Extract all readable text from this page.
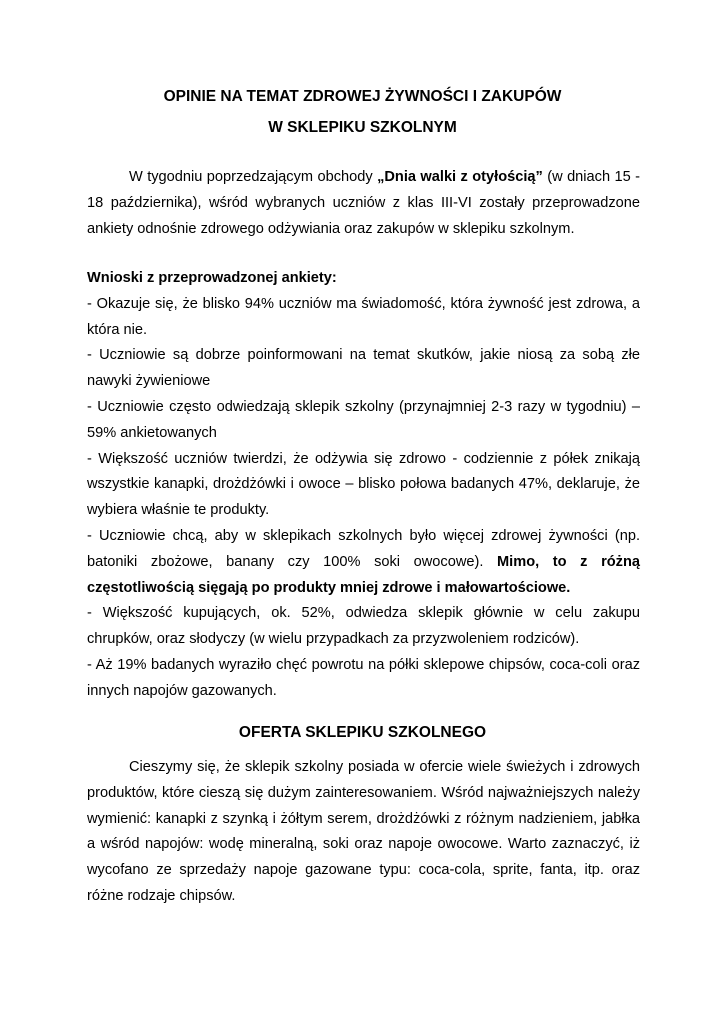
OPINIE NA TEMAT ZDROWEJ ŻYWNOŚCI I ZAKUPÓW
W SKLEPIKU SZKOLNYM

W tygodniu poprzedzającym obchody „Dnia walki z otyłością” (w dniach 15 - 18 października), wśród wybranych uczniów z klas III-VI zostały przeprowadzone ankiety odnośnie zdrowego odżywiania oraz zakupów w sklepiku szkolnym.

Wnioski z przeprowadzonej ankiety:

- Okazuje się, że blisko 94% uczniów ma świadomość, która żywność jest zdrowa, a która nie.

- Uczniowie są dobrze poinformowani na temat skutków, jakie niosą za sobą złe nawyki żywieniowe

- Uczniowie często odwiedzają sklepik szkolny (przynajmniej 2-3 razy w tygodniu) – 59% ankietowanych

- Większość uczniów twierdzi, że odżywia się zdrowo - codziennie z półek znikają wszystkie kanapki, drożdżówki i owoce – blisko połowa badanych 47%, deklaruje, że wybiera właśnie te produkty.

- Uczniowie chcą, aby w sklepikach szkolnych było więcej zdrowej żywności (np. batoniki zbożowe, banany czy 100% soki owocowe). Mimo, to z różną częstotliwością sięgają po produkty mniej zdrowe i małowartościowe.

- Większość kupujących, ok. 52%, odwiedza sklepik głównie w celu zakupu chrupków, oraz słodyczy (w wielu przypadkach za przyzwoleniem rodziców).

- Aż 19% badanych wyraziło chęć powrotu na półki sklepowe chipsów, coca-coli oraz innych napojów gazowanych.

OFERTA SKLEPIKU SZKOLNEGO

Cieszymy się, że sklepik szkolny posiada w ofercie wiele świeżych i zdrowych produktów, które cieszą się dużym zainteresowaniem. Wśród najważniejszych należy wymienić: kanapki z szynką i żółtym serem, drożdżówki z różnym nadzieniem, jabłka a wśród napojów: wodę mineralną, soki oraz napoje owocowe. Warto zaznaczyć, iż wycofano ze sprzedaży napoje gazowane typu: coca-cola, sprite, fanta, itp. oraz różne rodzaje chipsów.
